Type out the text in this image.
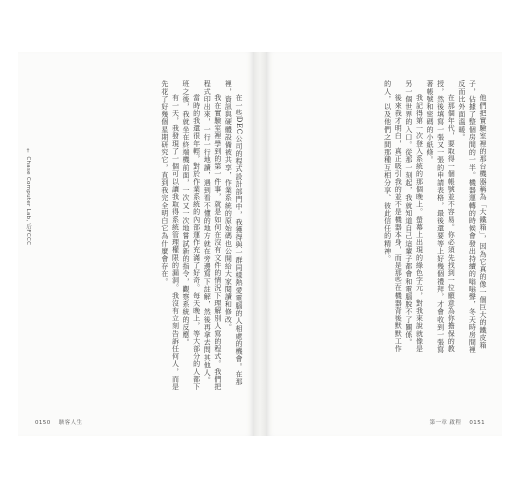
† Chase Computer Lab, 后FCCC	在一些DEC公司的程式設計部門中，我獲得與一群同樣熱愛電腦的人相處的機會。在那裡，資訊與硬體設備被共享，作業系統的原始碼也公開給大家閱讀和修改。

我在實驗室裡學到的第一件事，就是如何在沒有文件的情況下理解別人寫的程式。我們把程式印出來，一行一行地讀，遇到看不懂的地方就在旁邊寫下註解，然後再拿去問其他人。

當時的我還很年輕，對於作業系統的內部運作充滿了好奇。每天晚上，等大部分的人都下班之後，我就坐在終端機前面，一次又一次地嘗試新的指令，觀察系統的反應。

有一天，我發現了一個可以讓我取得系統管理權限的漏洞。我沒有立刻告訴任何人，而是先花了好幾個星期研究它，直到我完全明白它為什麼會存在。

0150 駭客人生

他們把實驗室裡的那台機器稱為「大鐵箱」，因為它真的像一個巨大的鐵皮箱子，佔據了整個房間的一半。機器運轉的時候會發出持續的嗡嗡聲，冬天時房間裡反而比外面溫暖。

在那個年代，要取得一個帳號並不容易。你必須先找到一位願意為你擔保的教授，然後填寫一張又一張的申請表格，最後還要等上好幾個禮拜，才會收到一張寫著帳號和密碼的小紙條。

我記得第一次登入系統的那個晚上。螢幕上出現的綠色字元，對我來說就像是另一個世界的入口。從那一刻起，我就知道自己這輩子都會和電腦脫不了關係。

後來我才明白，真正吸引我的並不是機器本身，而是那些在機器背後默默工作的人，以及他們之間那種互相分享、彼此信任的精神。

第一章 啟程 0151
